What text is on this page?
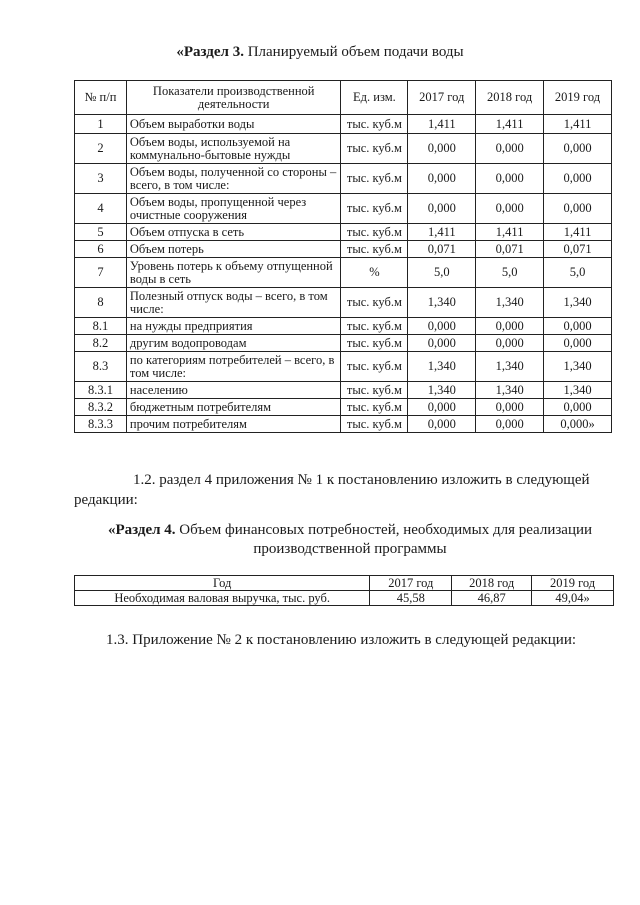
«Раздел 3. Планируемый объем подачи воды
№ п/п	Показатели производственной деятельности	Ед. изм.	2017 год	2018 год	2019 год
1	Объем выработки воды	тыс. куб.м	1,411	1,411	1,411
2	Объем воды, используемой на коммунально-бытовые нужды	тыс. куб.м	0,000	0,000	0,000
3	Объем воды, полученной со стороны – всего, в том числе:	тыс. куб.м	0,000	0,000	0,000
4	Объем воды, пропущенной через очистные сооружения	тыс. куб.м	0,000	0,000	0,000
5	Объем отпуска в сеть	тыс. куб.м	1,411	1,411	1,411
6	Объем потерь	тыс. куб.м	0,071	0,071	0,071
7	Уровень потерь к объему отпущенной воды в сеть	%	5,0	5,0	5,0
8	Полезный отпуск воды – всего, в том числе:	тыс. куб.м	1,340	1,340	1,340
8.1	на нужды предприятия	тыс. куб.м	0,000	0,000	0,000
8.2	другим водопроводам	тыс. куб.м	0,000	0,000	0,000
8.3	по категориям потребителей – всего, в том числе:	тыс. куб.м	1,340	1,340	1,340
8.3.1	населению	тыс. куб.м	1,340	1,340	1,340
8.3.2	бюджетным потребителям	тыс. куб.м	0,000	0,000	0,000
8.3.3	прочим потребителям	тыс. куб.м	0,000	0,000	0,000»
1.2. раздел 4 приложения № 1 к постановлению изложить в следующей
редакции:
«Раздел 4. Объем финансовых потребностей, необходимых для реализации
производственной программы
Год	2017 год	2018 год	2019 год
Необходимая валовая выручка, тыс. руб.	45,58	46,87	49,04»
1.3. Приложение № 2 к постановлению изложить в следующей редакции:
